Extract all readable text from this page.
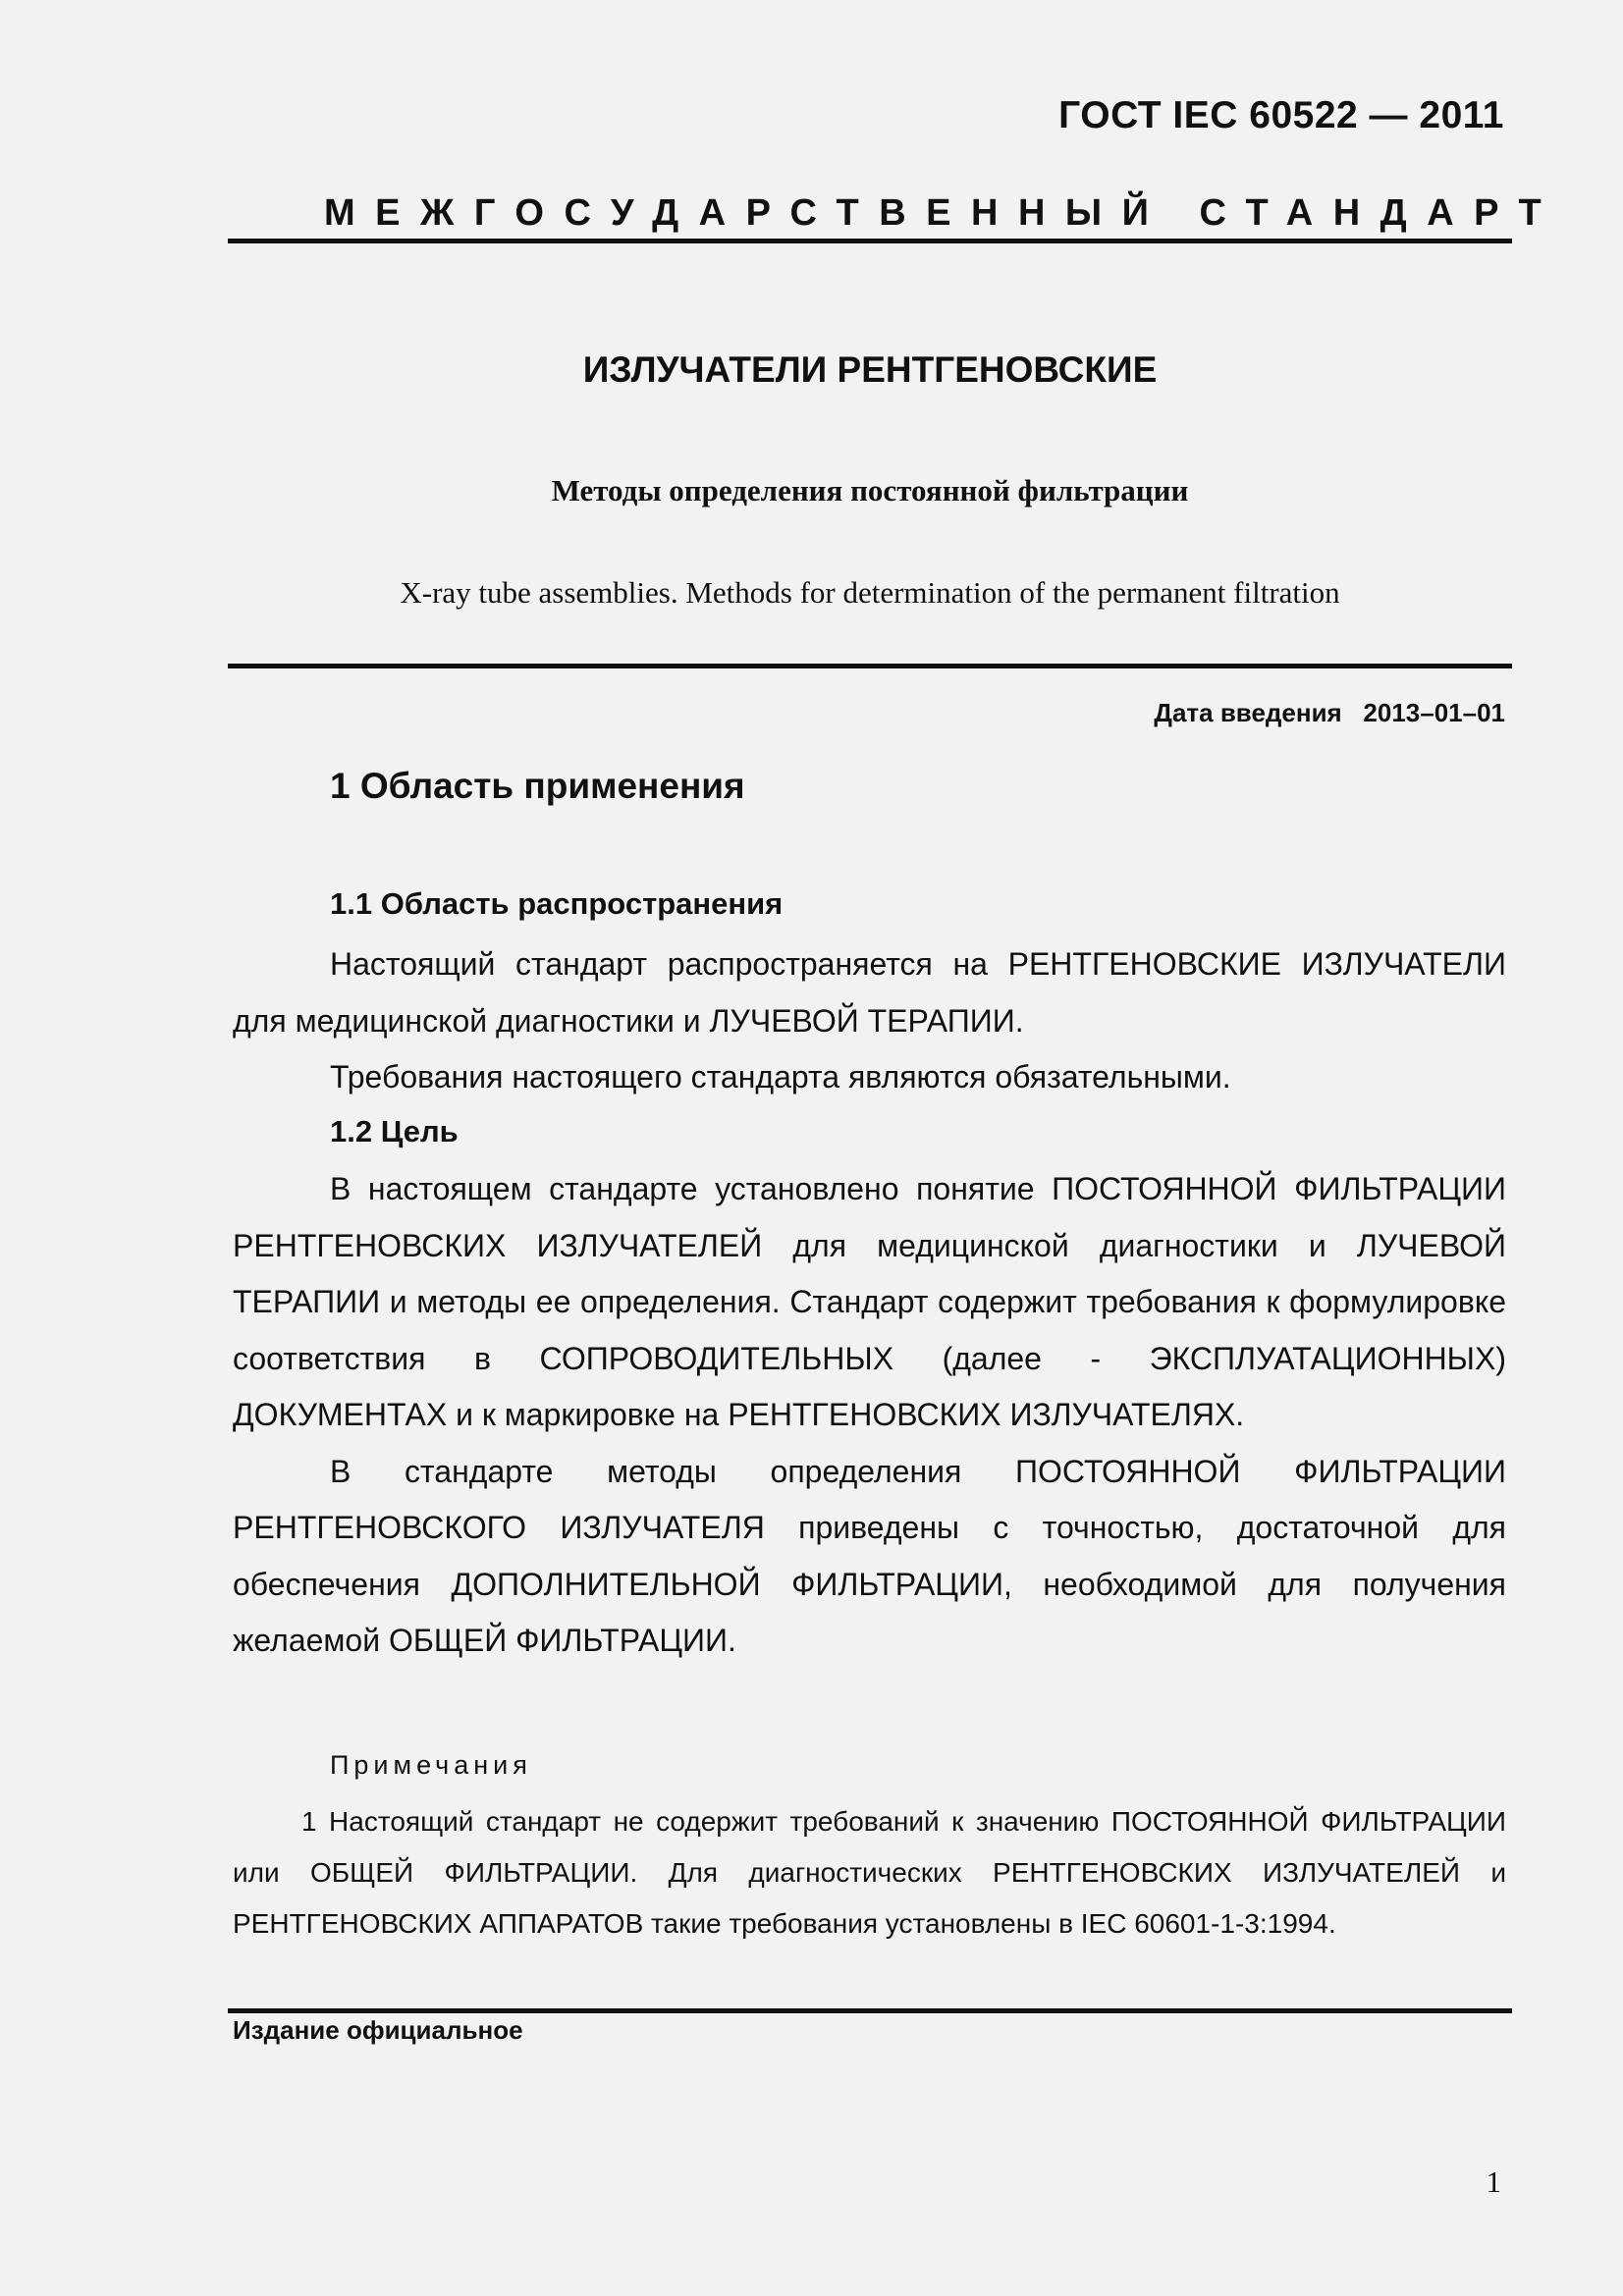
ГОСТ IEC 60522 — 2011
МЕЖГОСУДАРСТВЕННЫЙ СТАНДАРТ
ИЗЛУЧАТЕЛИ РЕНТГЕНОВСКИЕ
Методы определения постоянной фильтрации
X-ray tube assemblies. Methods for determination of the permanent filtration
Дата введения   2013–01–01
1 Область применения
1.1 Область распространения

Настоящий стандарт распространяется на РЕНТГЕНОВСКИЕ ИЗЛУЧАТЕЛИ для медицинской диагностики и ЛУЧЕВОЙ ТЕРАПИИ.

Требования настоящего стандарта являются обязательными.

1.2 Цель

В настоящем стандарте установлено понятие ПОСТОЯННОЙ ФИЛЬТРАЦИИ РЕНТГЕНОВСКИХ ИЗЛУЧАТЕЛЕЙ для медицинской диагностики и ЛУЧЕВОЙ ТЕРАПИИ и методы ее определения. Стандарт содержит требования к формулировке соответствия в СОПРОВОДИТЕЛЬНЫХ (далее - ЭКСПЛУАТАЦИОННЫХ) ДОКУМЕНТАХ и к маркировке на РЕНТГЕНОВСКИХ ИЗЛУЧАТЕЛЯХ.

В стандарте методы определения ПОСТОЯННОЙ ФИЛЬТРАЦИИ РЕНТГЕНОВСКОГО ИЗЛУЧАТЕЛЯ приведены с точностью, достаточной для обеспечения ДОПОЛНИТЕЛЬНОЙ ФИЛЬТРАЦИИ, необходимой для получения желаемой ОБЩЕЙ ФИЛЬТРАЦИИ.

Примечания

1 Настоящий стандарт не содержит требований к значению ПОСТОЯННОЙ ФИЛЬТРАЦИИ или ОБЩЕЙ ФИЛЬТРАЦИИ. Для диагностических РЕНТГЕНОВСКИХ ИЗЛУЧАТЕЛЕЙ и РЕНТГЕНОВСКИХ АППАРАТОВ такие требования установлены в IEC 60601-1-3:1994.

Издание официальное
1
